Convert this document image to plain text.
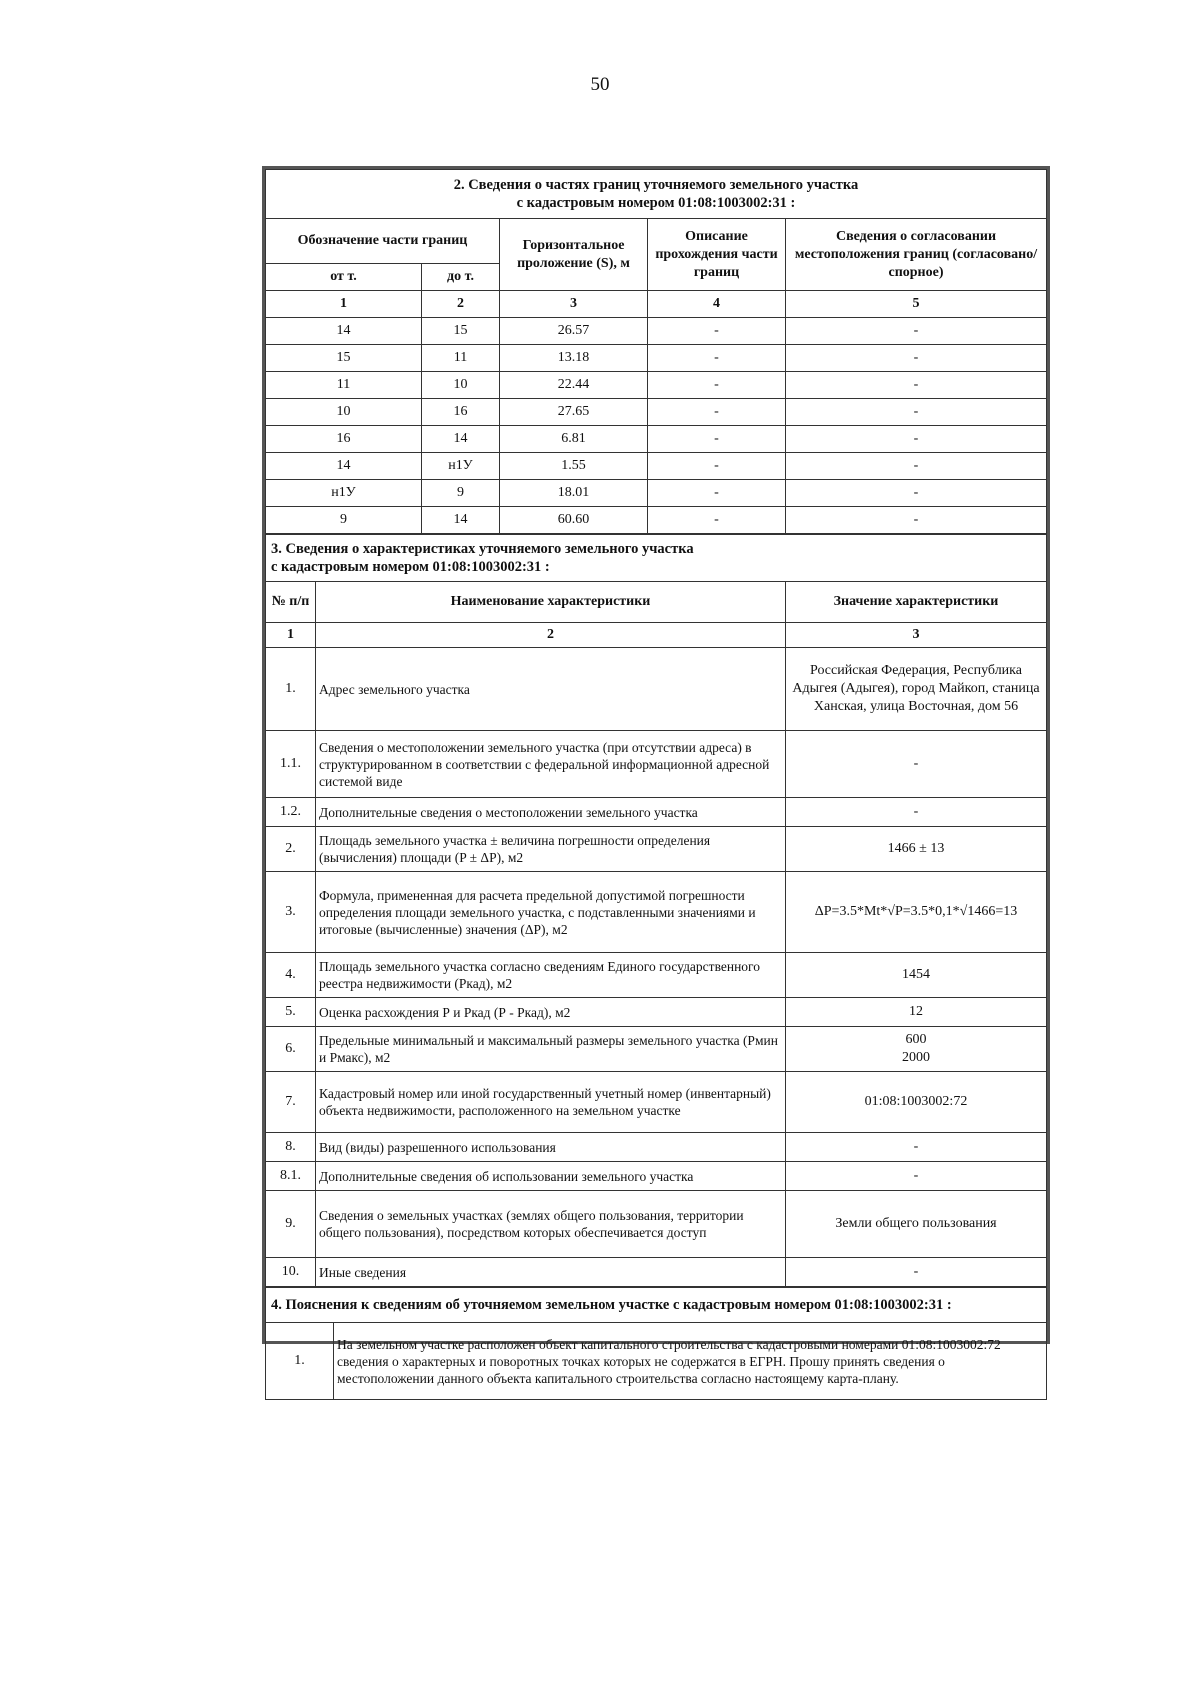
50
2. Сведения о частях границ уточняемого земельного участка
с кадастровым номером 01:08:1003002:31 :				

Обозначение части границ		Горизонтальное проложение (S), м	Описание прохождения части границ	Сведения о согласовании местоположения границ (согласовано/спорное)
от т.	до т.			
1	2	3	4	5
14	15	26.57	-	-
15	11	13.18	-	-
11	10	22.44	-	-
10	16	27.65	-	-
16	14	6.81	-	-
14	н1У	1.55	-	-
н1У	9	18.01	-	-
9	14	60.60	-	-
3. Сведения о характеристиках уточняемого земельного участка
с кадастровым номером 01:08:1003002:31 :		

№ п/п	Наименование характеристики	Значение характеристики
1	2	3
1.	Адрес земельного участка	Российская Федерация, Республика Адыгея (Адыгея), город Майкоп, станица Ханская, улица Восточная, дом 56
1.1.	Сведения о местоположении земельного участка (при отсутствии адреса) в структурированном в соответствии с федеральной информационной адресной системой виде	-
1.2.	Дополнительные сведения о местоположении земельного участка	-
2.	Площадь земельного участка ± величина погрешности определения (вычисления) площади (P ± ΔP), м2	1466 ± 13
3.	Формула, примененная для расчета предельной допустимой погрешности определения площади земельного участка, с подставленными значениями и итоговые (вычисленные) значения (ΔP), м2	ΔP=3.5*Mt*√P=3.5*0,1*√1466=13
4.	Площадь земельного участка согласно сведениям Единого государственного реестра недвижимости (Ркад), м2	1454
5.	Оценка расхождения Р и Ркад (Р - Ркад), м2	12
6.	Предельные минимальный и максимальный размеры земельного участка (Pмин и Рмакс), м2	600
2000

7.	Кадастровый номер или иной государственный учетный номер (инвентарный) объекта недвижимости, расположенного на земельном участке	01:08:1003002:72
8.	Вид (виды) разрешенного использования	-
8.1.	Дополнительные сведения об использовании земельного участка	-
9.	Сведения о земельных участках (землях общего пользования, территории общего пользования), посредством которых обеспечивается доступ	Земли общего пользования
10.	Иные сведения	-
4. Пояснения к сведениям об уточняемом земельном участке с кадастровым номером 01:08:1003002:31 :
1.	На земельном участке расположен объект капитального строительства с кадастровыми номерами 01:08:1003002:72 сведения о характерных и поворотных точках которых не содержатся в ЕГРН. Прошу принять сведения о местоположении данного объекта капитального строительства согласно настоящему карта-плану.
